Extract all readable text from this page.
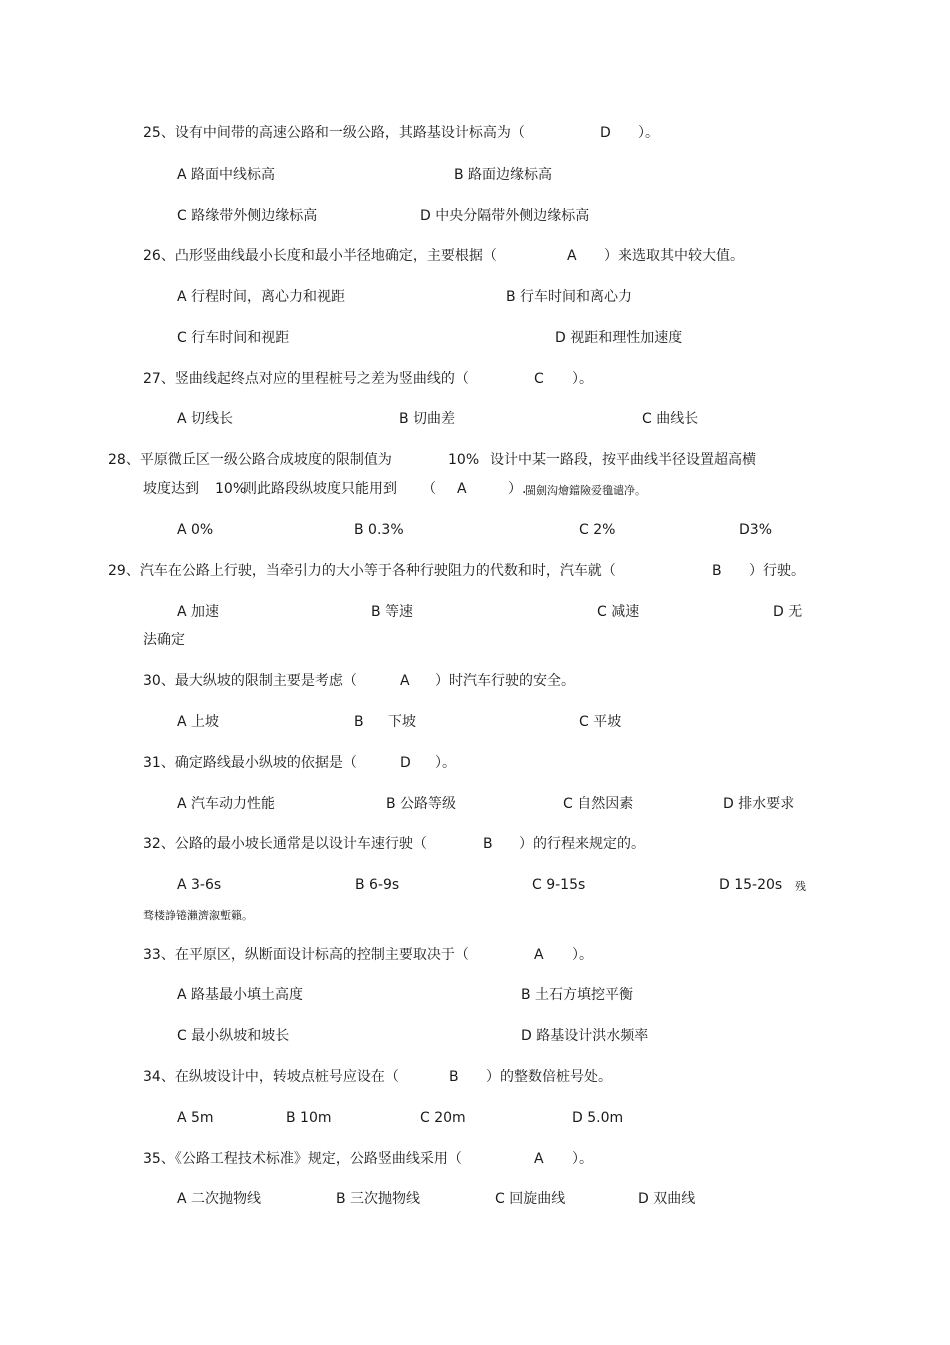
25、设有中间带的高速公路和一级公路，其路基设计标高为（	D ）。
A 路面中线标高	B 路面边缘标高
C 路缘带外侧边缘标高	D 中央分隔带外侧边缘标高
26、凸形竖曲线最小长度和最小半径地确定，主要根据（	A ）来选取其中较大值。
A 行程时间，离心力和视距	B 行车时间和离心力
C 行车时间和视距	D 视距和理性加速度
27、竖曲线起终点对应的里程桩号之差为竖曲线的（	C ）。
A 切线长	B 切曲差	C 曲线长
28、平原微丘区一级公路合成坡度的限制值为	10% 设计中某一路段，按平曲线半径设置超高横
坡度达到 10%
则此路段纵坡度只能用到 （ A	）.
閩劍沟燴鐺險爱氇谴净。
A 0%	B 0.3%	C 2%	D3%
29、汽车在公路上行驶，当牵引力的大小等于各种行驶阻力的代数和时，汽车就（	B ）行驶。
A 加速	B 等速	C 减速	D 无
法确定
30、最大纵坡的限制主要是考虑（	A ）时汽车行驶的安全。
A 上坡	B 下坡	C 平坡
31、确定路线最小纵坡的依据是（	D ）。
A 汽车动力性能	B 公路等级	C 自然因素	D 排水要求
32、公路的最小坡长通常是以设计车速行驶（	B ）的行程来规定的。
A 3-6s	B 6-9s	C 9-15s	D 15-20s 残
骛楼諍锩瀨濟溆塹籟。
33、在平原区，纵断面设计标高的控制主要取决于（	A ）。
A 路基最小填土高度	B 土石方填挖平衡
C 最小纵坡和坡长	D 路基设计洪水频率
34、在纵坡设计中，转坡点桩号应设在（	B ）的整数倍桩号处。
A 5m	B 10m	C 20m	D 5.0m
35、《公路工程技术标准》规定，公路竖曲线采用（	A ）。
A 二次抛物线	B 三次抛物线	C 回旋曲线	D 双曲线
